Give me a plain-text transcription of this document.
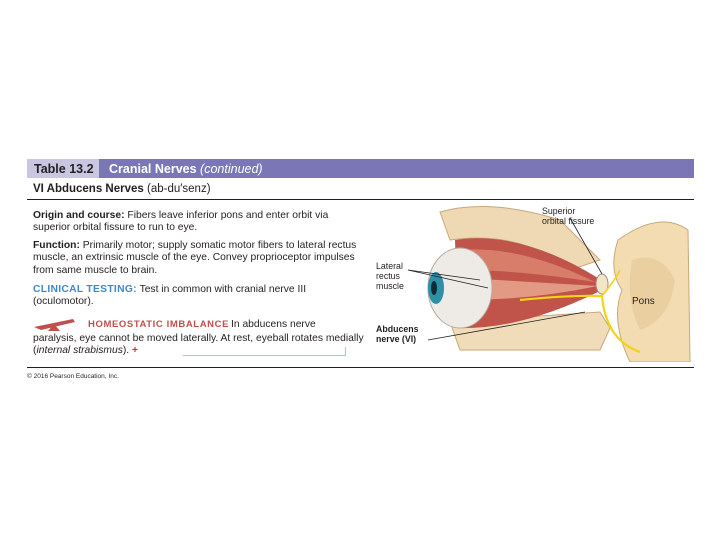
Table 13.2	Cranial Nerves (continued)
VI Abducens Nerves (ab-du′senz)

Origin and course: Fibers leave inferior pons and enter orbit via superior orbital fissure to run to eye.

Function: Primarily motor; supply somatic motor fibers to lateral rectus muscle, an extrinsic muscle of the eye. Convey proprioceptor impulses from same muscle to brain.

CLINICAL TESTING: Test in common with cranial nerve III (oculomotor).

HOMEOSTATIC IMBALANCE In abducens nerve

paralysis, eye cannot be moved laterally. At rest, eyeball rotates medially (internal strabismus). +

© 2016 Pearson Education, Inc.
Superior
orbital fissure
Lateral
rectus
muscle
Abducens
nerve (VI)
Pons
